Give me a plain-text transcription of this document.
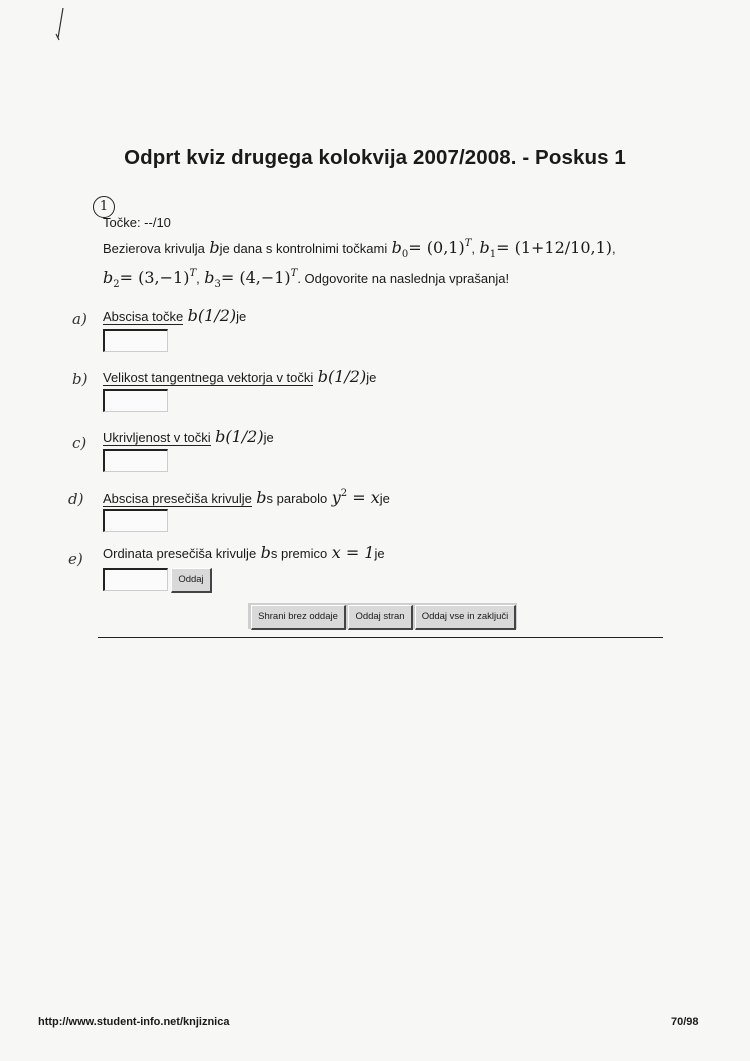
Odprt kviz drugega kolokvija 2007/2008. - Poskus 1
1
Točke: --/10
Bezierova krivulja bje dana s kontrolnimi točkami $b_0= (0,1)^T$, $b_1= (1+12/10,1)$,
$b_2= (3,-1)^T$, $b_3= (4,-1)^T$. Odgovorite na naslednja vprašanja!
a) Abscisa točke b(1/2)je
b) Velikost tangentnega vektorja v točki b(1/2)je
c) Ukrivljenost v točki b(1/2)je
d) Abscisa presečiša krivulje bs parabolo $y^2$ = xje
e) Ordinata presečiša krivulje bs premico x = 1je
Oddaj
Shrani brez oddaje	Oddaj stran	Oddaj vse in zaključi
http://www.student-info.net/knjiznica	70/98
